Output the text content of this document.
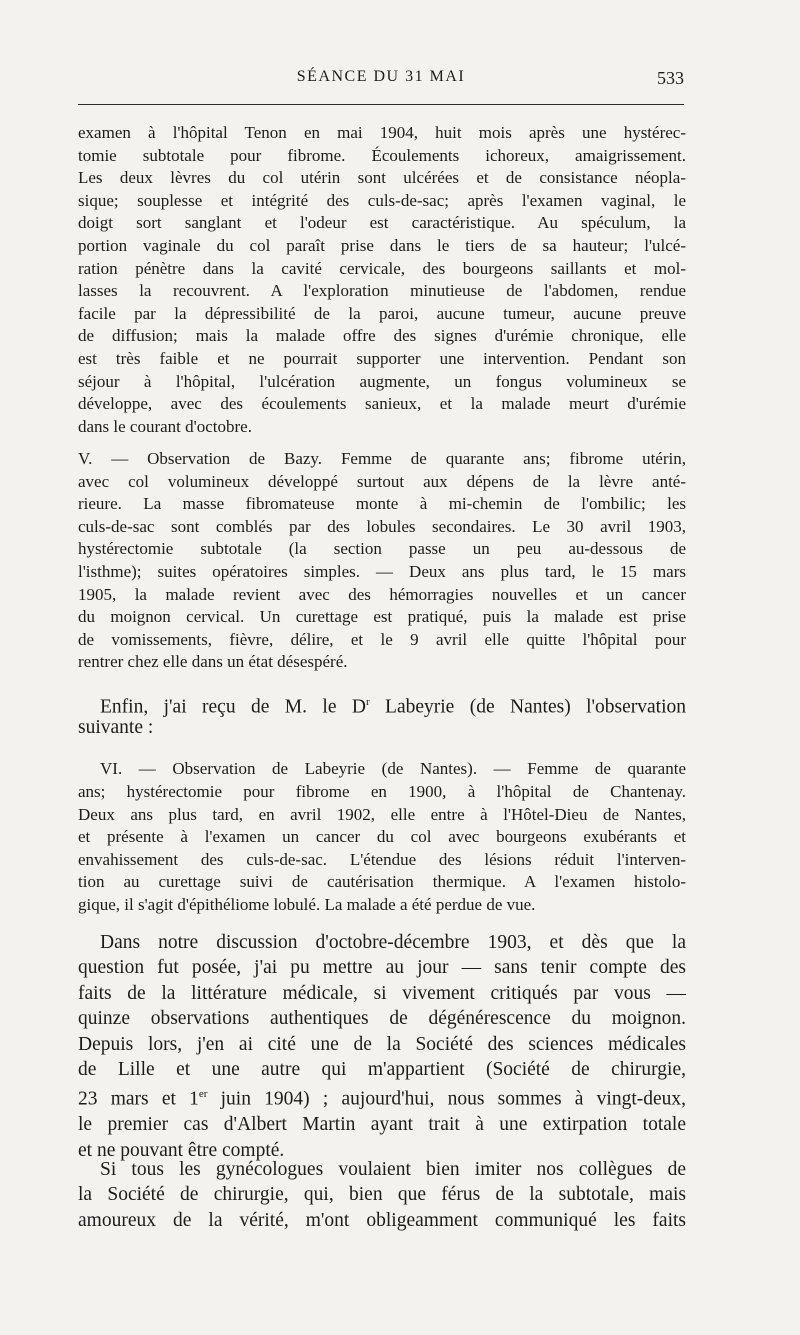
SÉANCE DU 31 MAI	533

examen à l'hôpital Tenon en mai 1904, huit mois après une hystérec-

tomie subtotale pour fibrome. Écoulements ichoreux, amaigrissement.

Les deux lèvres du col utérin sont ulcérées et de consistance néopla-

sique; souplesse et intégrité des culs-de-sac; après l'examen vaginal, le

doigt sort sanglant et l'odeur est caractéristique. Au spéculum, la

portion vaginale du col paraît prise dans le tiers de sa hauteur; l'ulcé-

ration pénètre dans la cavité cervicale, des bourgeons saillants et mol-

lasses la recouvrent. A l'exploration minutieuse de l'abdomen, rendue

facile par la dépressibilité de la paroi, aucune tumeur, aucune preuve

de diffusion; mais la malade offre des signes d'urémie chronique, elle

est très faible et ne pourrait supporter une intervention. Pendant son

séjour à l'hôpital, l'ulcération augmente, un fongus volumineux se

développe, avec des écoulements sanieux, et la malade meurt d'urémie

dans le courant d'octobre.

V. — Observation de Bazy. Femme de quarante ans; fibrome utérin,

avec col volumineux développé surtout aux dépens de la lèvre anté-

rieure. La masse fibromateuse monte à mi-chemin de l'ombilic; les

culs-de-sac sont comblés par des lobules secondaires. Le 30 avril 1903,

hystérectomie subtotale (la section passe un peu au-dessous de

l'isthme); suites opératoires simples. — Deux ans plus tard, le 15 mars

1905, la malade revient avec des hémorragies nouvelles et un cancer

du moignon cervical. Un curettage est pratiqué, puis la malade est prise

de vomissements, fièvre, délire, et le 9 avril elle quitte l'hôpital pour

rentrer chez elle dans un état désespéré.

Enfin, j'ai reçu de M. le $D^r$ Labeyrie (de Nantes) l'observation

suivante :

VI. — Observation de Labeyrie (de Nantes). — Femme de quarante

ans; hystérectomie pour fibrome en 1900, à l'hôpital de Chantenay.

Deux ans plus tard, en avril 1902, elle entre à l'Hôtel-Dieu de Nantes,

et présente à l'examen un cancer du col avec bourgeons exubérants et

envahissement des culs-de-sac. L'étendue des lésions réduit l'interven-

tion au curettage suivi de cautérisation thermique. A l'examen histolo-

gique, il s'agit d'épithéliome lobulé. La malade a été perdue de vue.

Dans notre discussion d'octobre-décembre 1903, et dès que la

question fut posée, j'ai pu mettre au jour — sans tenir compte des

faits de la littérature médicale, si vivement critiqués par vous —

quinze observations authentiques de dégénérescence du moignon.

Depuis lors, j'en ai cité une de la Société des sciences médicales

de Lille et une autre qui m'appartient (Société de chirurgie,

23 mars et 1er juin 1904) ; aujourd'hui, nous sommes à vingt-deux,

le premier cas d'Albert Martin ayant trait à une extirpation totale

et ne pouvant être compté.

Si tous les gynécologues voulaient bien imiter nos collègues de

la Société de chirurgie, qui, bien que férus de la subtotale, mais

amoureux de la vérité, m'ont obligeamment communiqué les faits
